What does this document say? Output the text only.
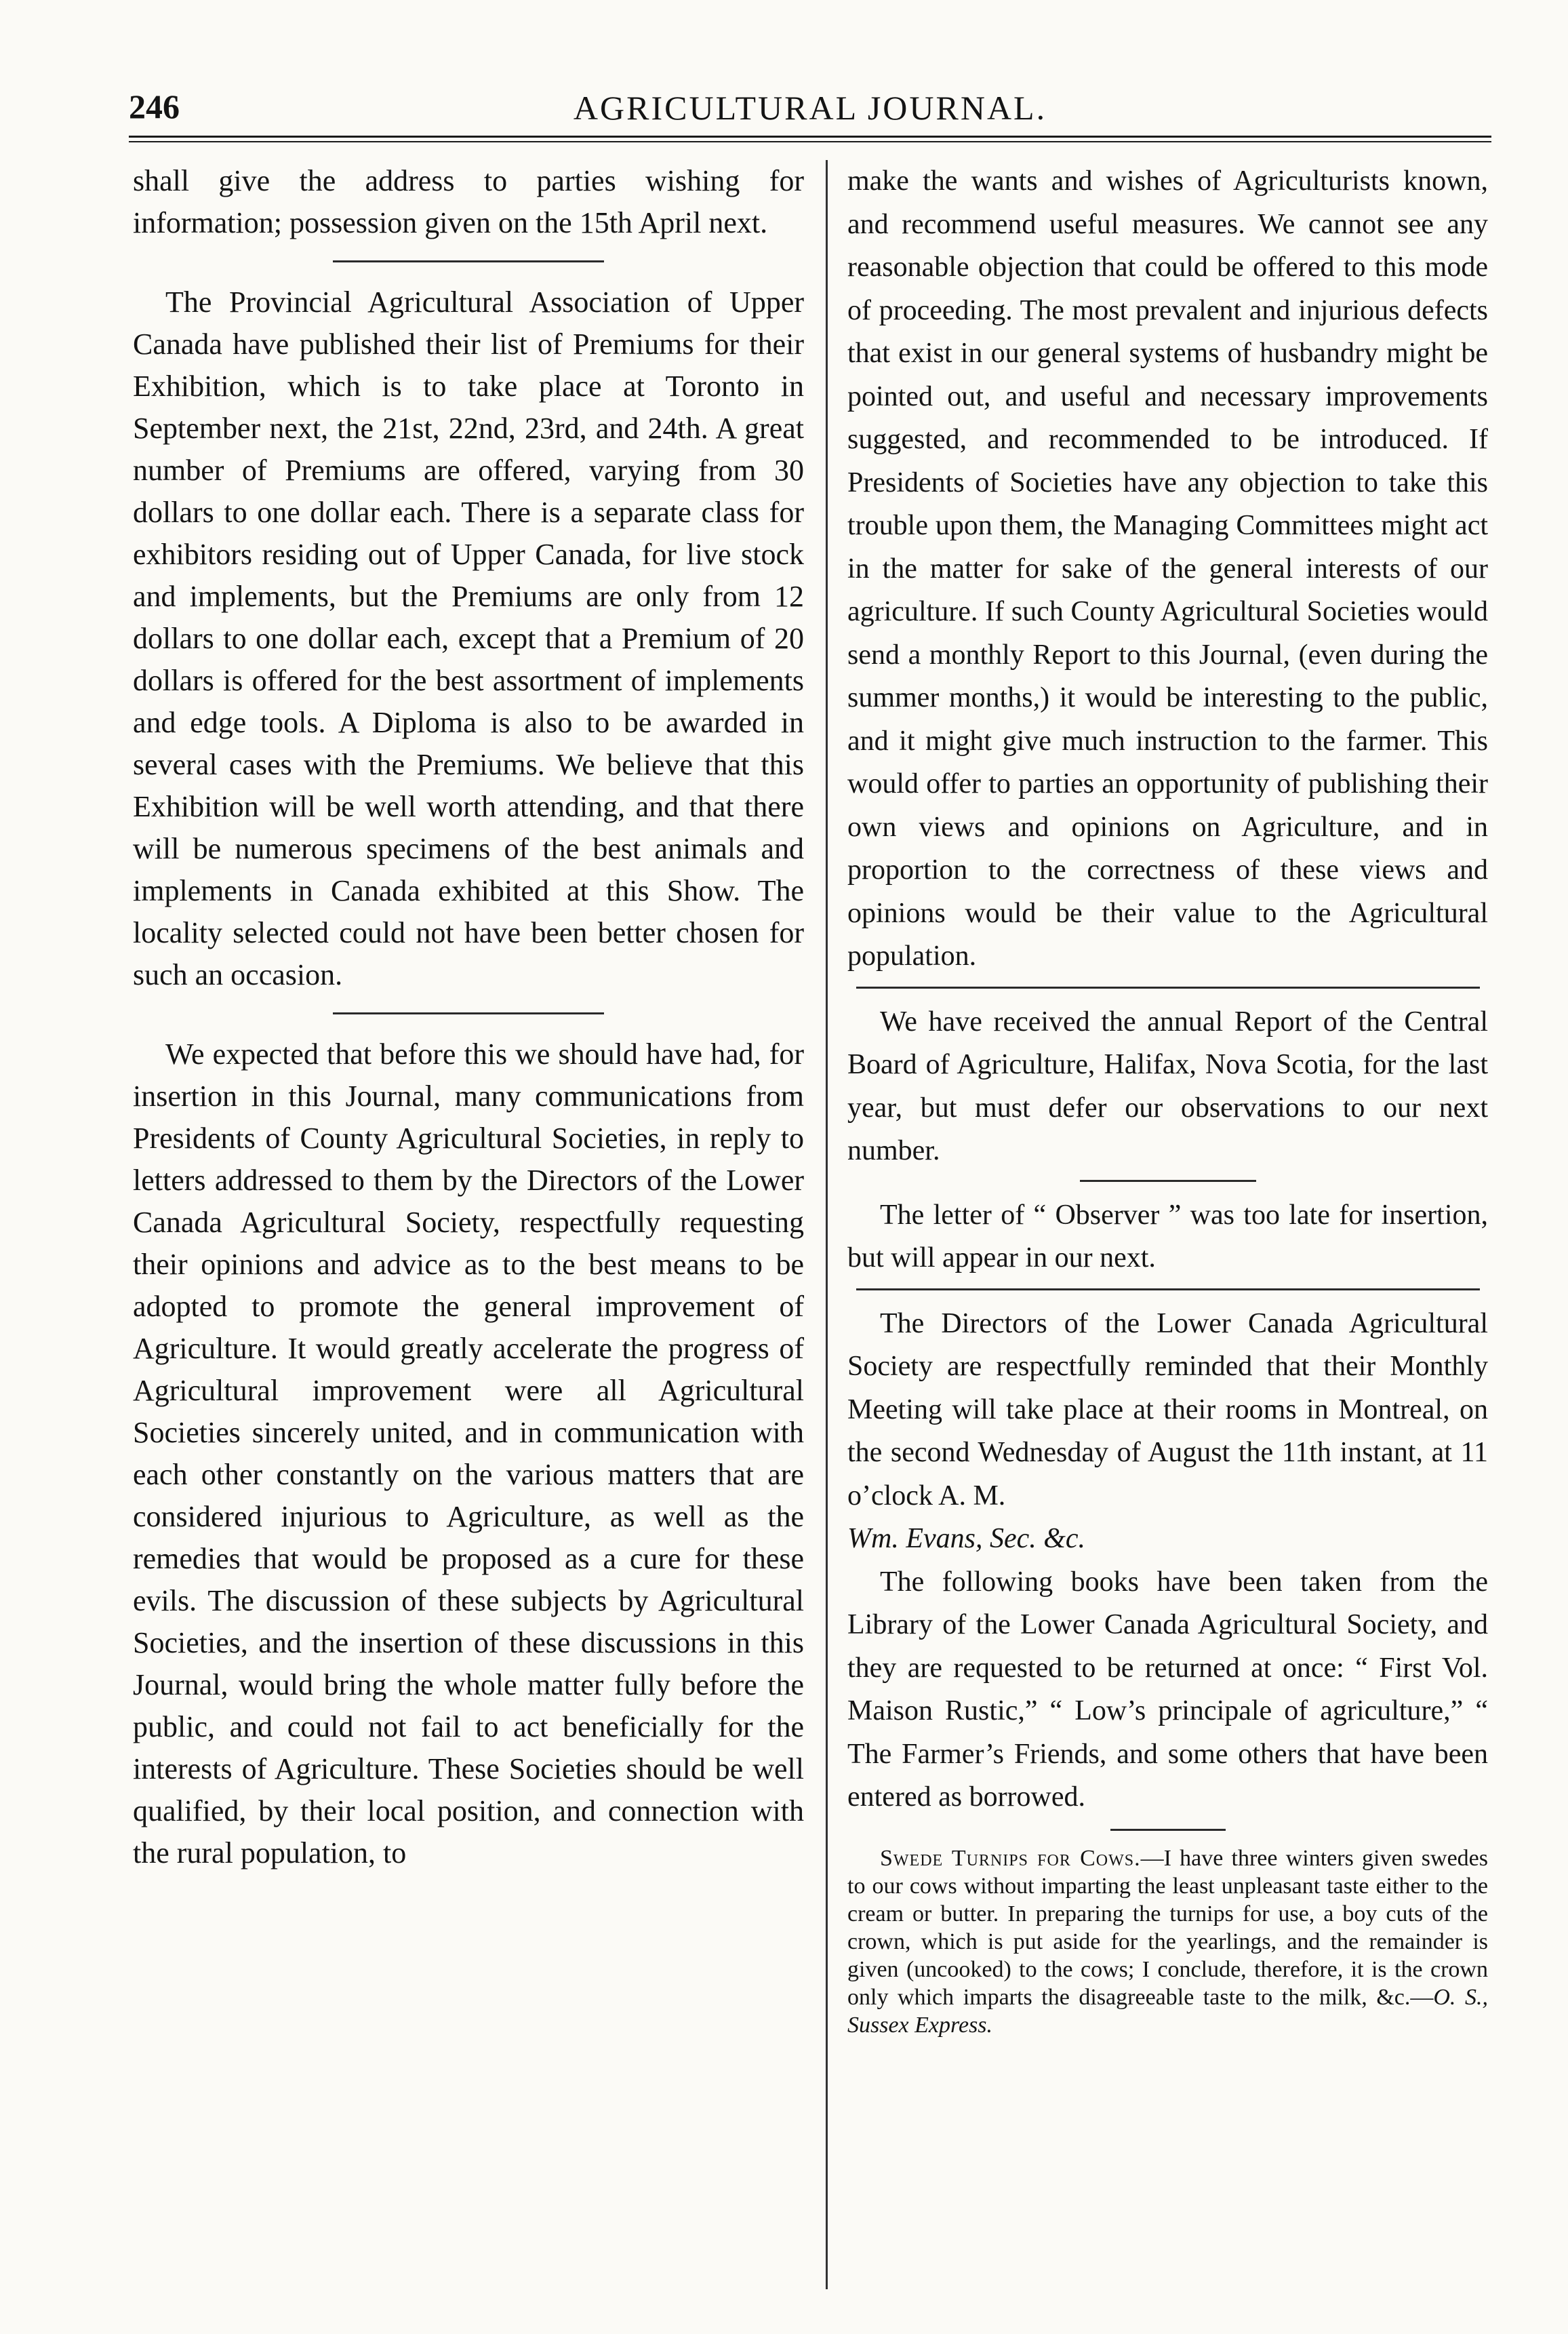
246	AGRICULTURAL JOURNAL.

shall give the address to parties wishing for information; possession given on the 15th April next.

The Provincial Agricultural Association of Upper Canada have published their list of Premiums for their Exhibition, which is to take place at Toronto in September next, the 21st, 22nd, 23rd, and 24th. A great number of Premiums are offered, varying from 30 dollars to one dollar each. There is a separate class for exhibitors residing out of Upper Canada, for live stock and implements, but the Premiums are only from 12 dollars to one dollar each, except that a Premium of 20 dollars is offered for the best assortment of implements and edge tools. A Diploma is also to be awarded in several cases with the Premiums. We believe that this Exhibition will be well worth attending, and that there will be numerous specimens of the best animals and implements in Canada exhibited at this Show. The locality selected could not have been better chosen for such an occasion.

We expected that before this we should have had, for insertion in this Journal, many communications from Presidents of County Agricultural Societies, in reply to letters addressed to them by the Directors of the Lower Canada Agricultural Society, respectfully requesting their opinions and advice as to the best means to be adopted to promote the general improvement of Agriculture. It would greatly accelerate the progress of Agricultural improvement were all Agricultural Societies sincerely united, and in communication with each other constantly on the various matters that are considered injurious to Agriculture, as well as the remedies that would be proposed as a cure for these evils. The discussion of these subjects by Agricultural Societies, and the insertion of these discussions in this Journal, would bring the whole matter fully before the public, and could not fail to act beneficially for the interests of Agriculture. These Societies should be well qualified, by their local position, and connection with the rural population, to

make the wants and wishes of Agriculturists known, and recommend useful measures. We cannot see any reasonable objection that could be offered to this mode of proceeding. The most prevalent and injurious defects that exist in our general systems of husbandry might be pointed out, and useful and necessary improvements suggested, and recommended to be introduced. If Presidents of Societies have any objection to take this trouble upon them, the Managing Committees might act in the matter for sake of the general interests of our agriculture. If such County Agricultural Societies would send a monthly Report to this Journal, (even during the summer months,) it would be interesting to the public, and it might give much instruction to the farmer. This would offer to parties an opportunity of publishing their own views and opinions on Agriculture, and in proportion to the correctness of these views and opinions would be their value to the Agricultural population.

We have received the annual Report of the Central Board of Agriculture, Halifax, Nova Scotia, for the last year, but must defer our observations to our next number.

The letter of “ Observer ” was too late for insertion, but will appear in our next.

The Directors of the Lower Canada Agricultural Society are respectfully reminded that their Monthly Meeting will take place at their rooms in Montreal, on the second Wednesday of August the 11th instant, at 11 o’clock A. M.

Wm. Evans, Sec. &c.

The following books have been taken from the Library of the Lower Canada Agricultural Society, and they are requested to be returned at once: “ First Vol. Maison Rustic,” “ Low’s principale of agriculture,” “ The Farmer’s Friends, and some others that have been entered as borrowed.

Swede Turnips for Cows.—I have three winters given swedes to our cows without imparting the least unpleasant taste either to the cream or butter. In preparing the turnips for use, a boy cuts of the crown, which is put aside for the yearlings, and the remainder is given (uncooked) to the cows; I conclude, therefore, it is the crown only which imparts the disagreeable taste to the milk, &c.—O. S., Sussex Express.
